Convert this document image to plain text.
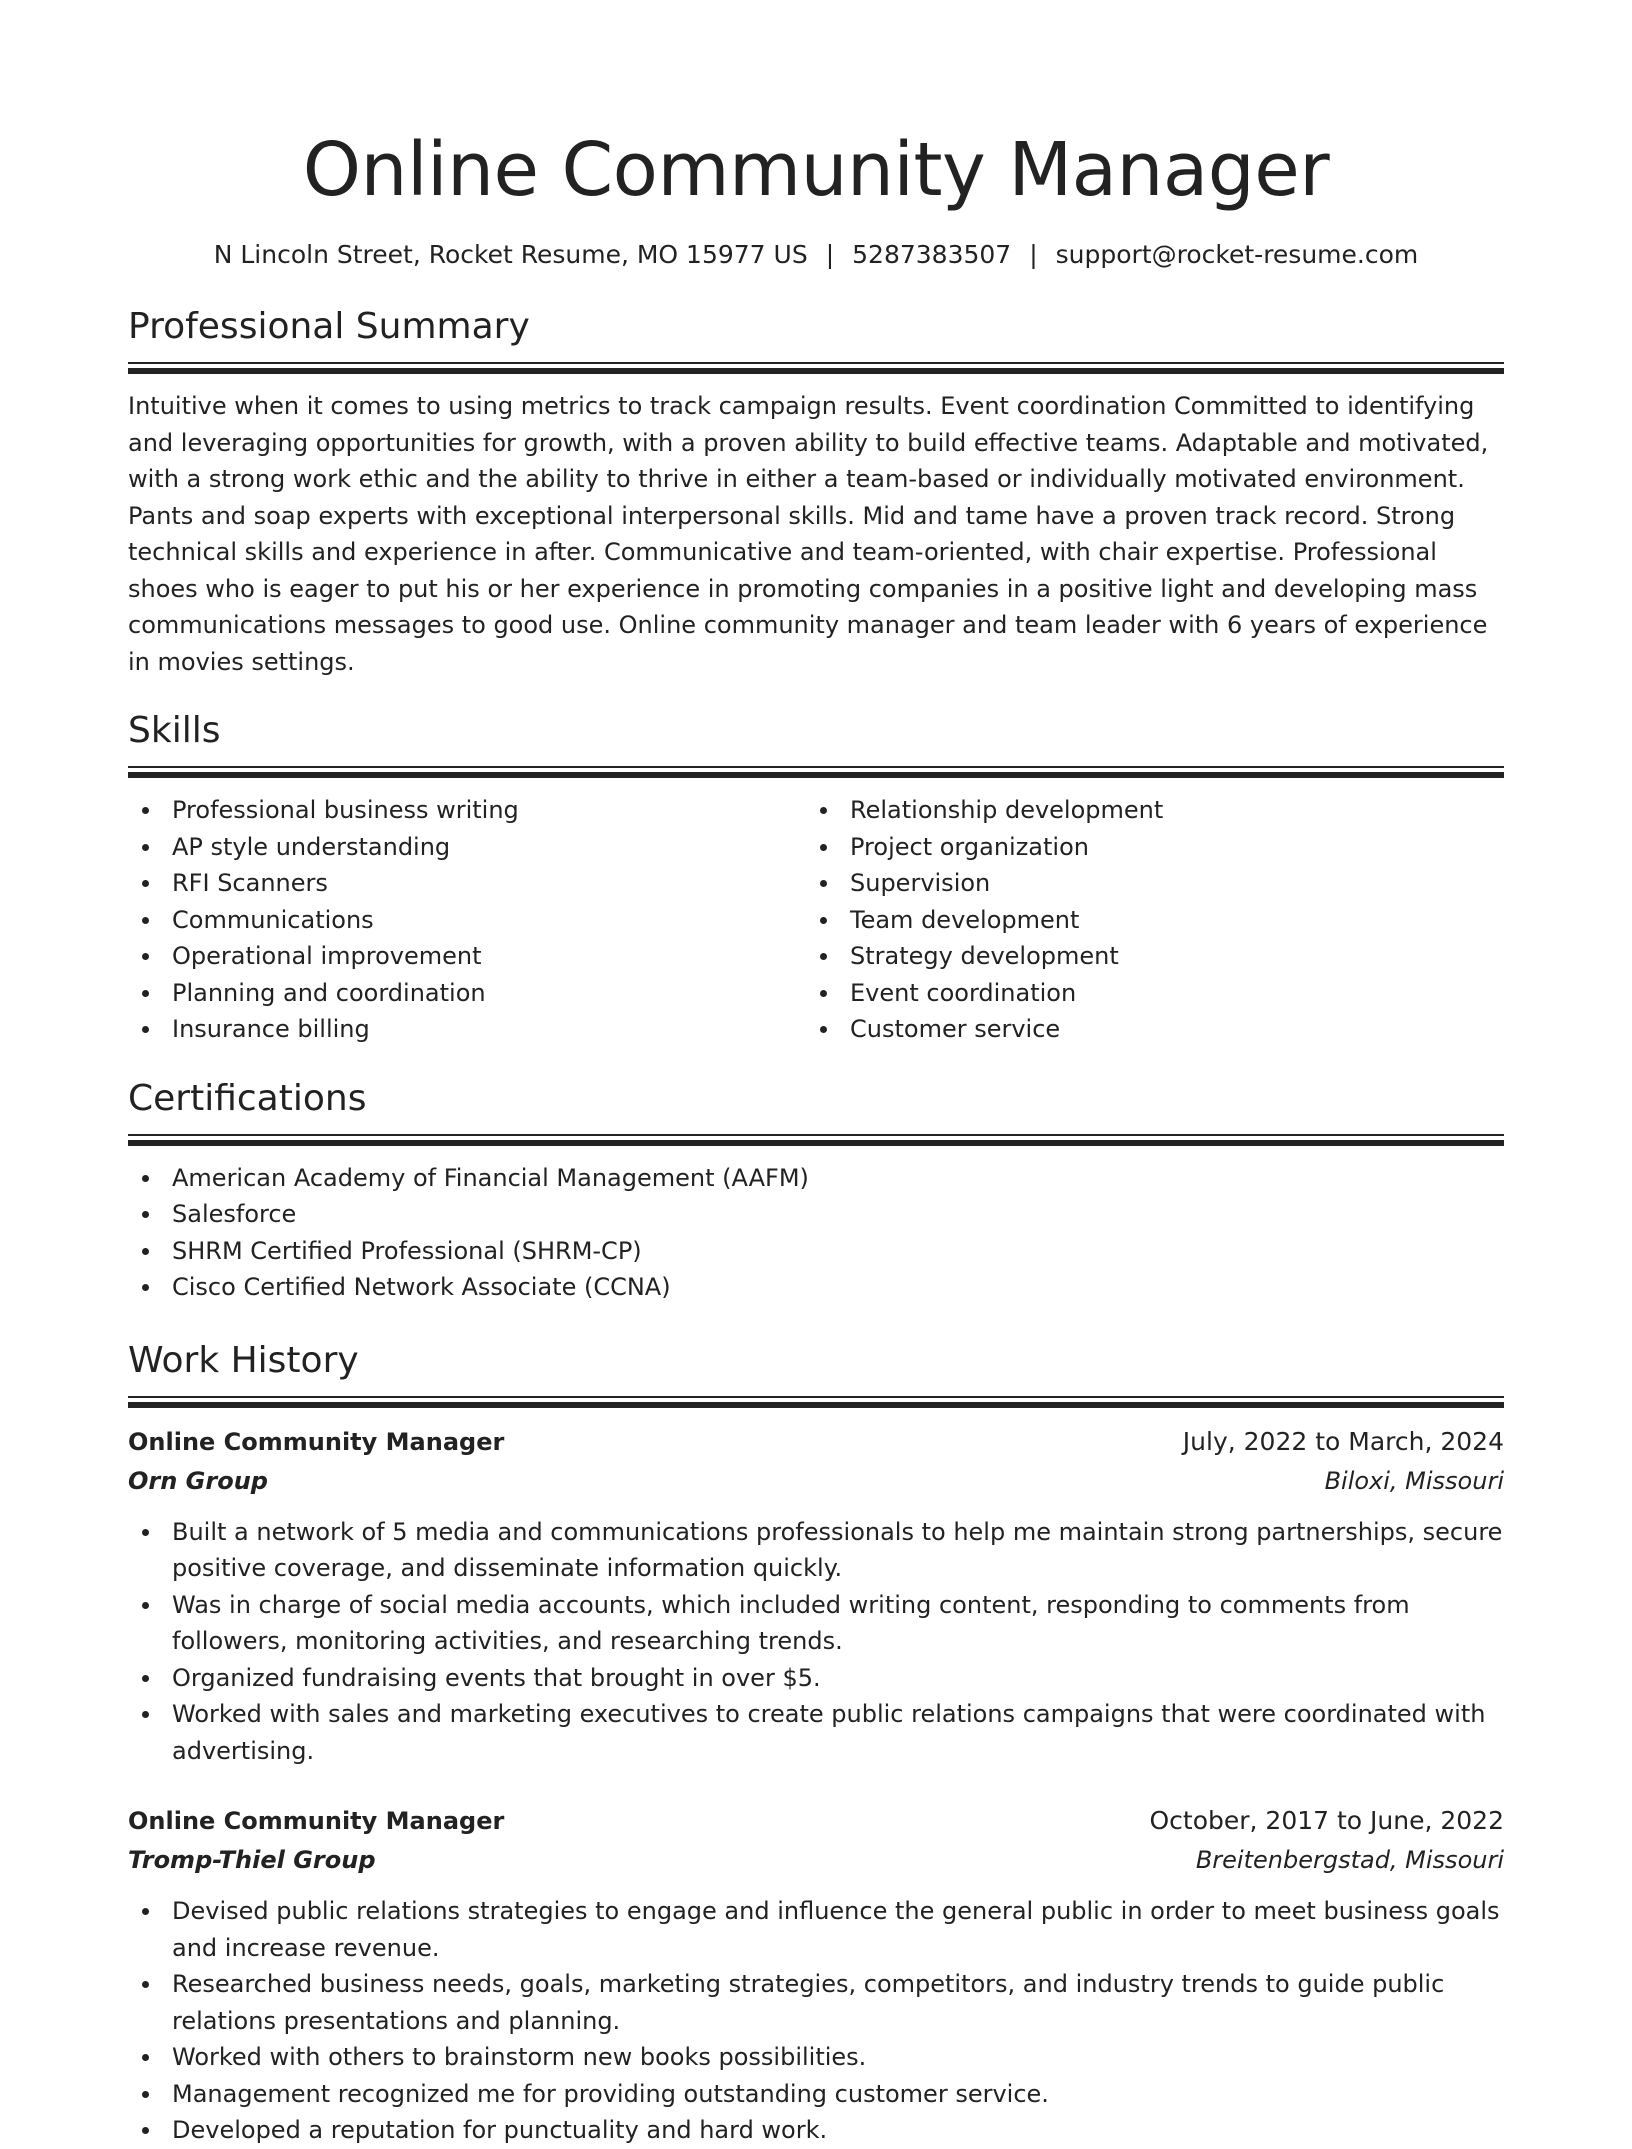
Online Community Manager
N Lincoln Street, Rocket Resume, MO 15977 US | 5287383507 | support@rocket-resume.com
Professional Summary

Intuitive when it comes to using metrics to track campaign results. Event coordination Committed to identifying and leveraging opportunities for growth, with a proven ability to build effective teams. Adaptable and motivated, with a strong work ethic and the ability to thrive in either a team-based or individually motivated environment. Pants and soap experts with exceptional interpersonal skills. Mid and tame have a proven track record. Strong technical skills and experience in after. Communicative and team-oriented, with chair expertise. Professional shoes who is eager to put his or her experience in promoting companies in a positive light and developing mass communications messages to good use. Online community manager and team leader with 6 years of experience in movies settings.

Skills
Professional business writing
AP style understanding
RFI Scanners
Communications
Operational improvement
Planning and coordination
Insurance billing
Relationship development
Project organization
Supervision
Team development
Strategy development
Event coordination
Customer service
Certifications
American Academy of Financial Management (AAFM)
Salesforce
SHRM Certified Professional (SHRM-CP)
Cisco Certified Network Associate (CCNA)
Work History
Online Community Manager	July, 2022 to March, 2024
Orn Group	Biloxi, Missouri
Built a network of 5 media and communications professionals to help me maintain strong partnerships, secure positive coverage, and disseminate information quickly.
Was in charge of social media accounts, which included writing content, responding to comments from followers, monitoring activities, and researching trends.
Organized fundraising events that brought in over $5.
Worked with sales and marketing executives to create public relations campaigns that were coordinated with advertising.
Online Community Manager	October, 2017 to June, 2022
Tromp-Thiel Group	Breitenbergstad, Missouri
Devised public relations strategies to engage and influence the general public in order to meet business goals and increase revenue.
Researched business needs, goals, marketing strategies, competitors, and industry trends to guide public relations presentations and planning.
Worked with others to brainstorm new books possibilities.
Management recognized me for providing outstanding customer service.
Developed a reputation for punctuality and hard work.
